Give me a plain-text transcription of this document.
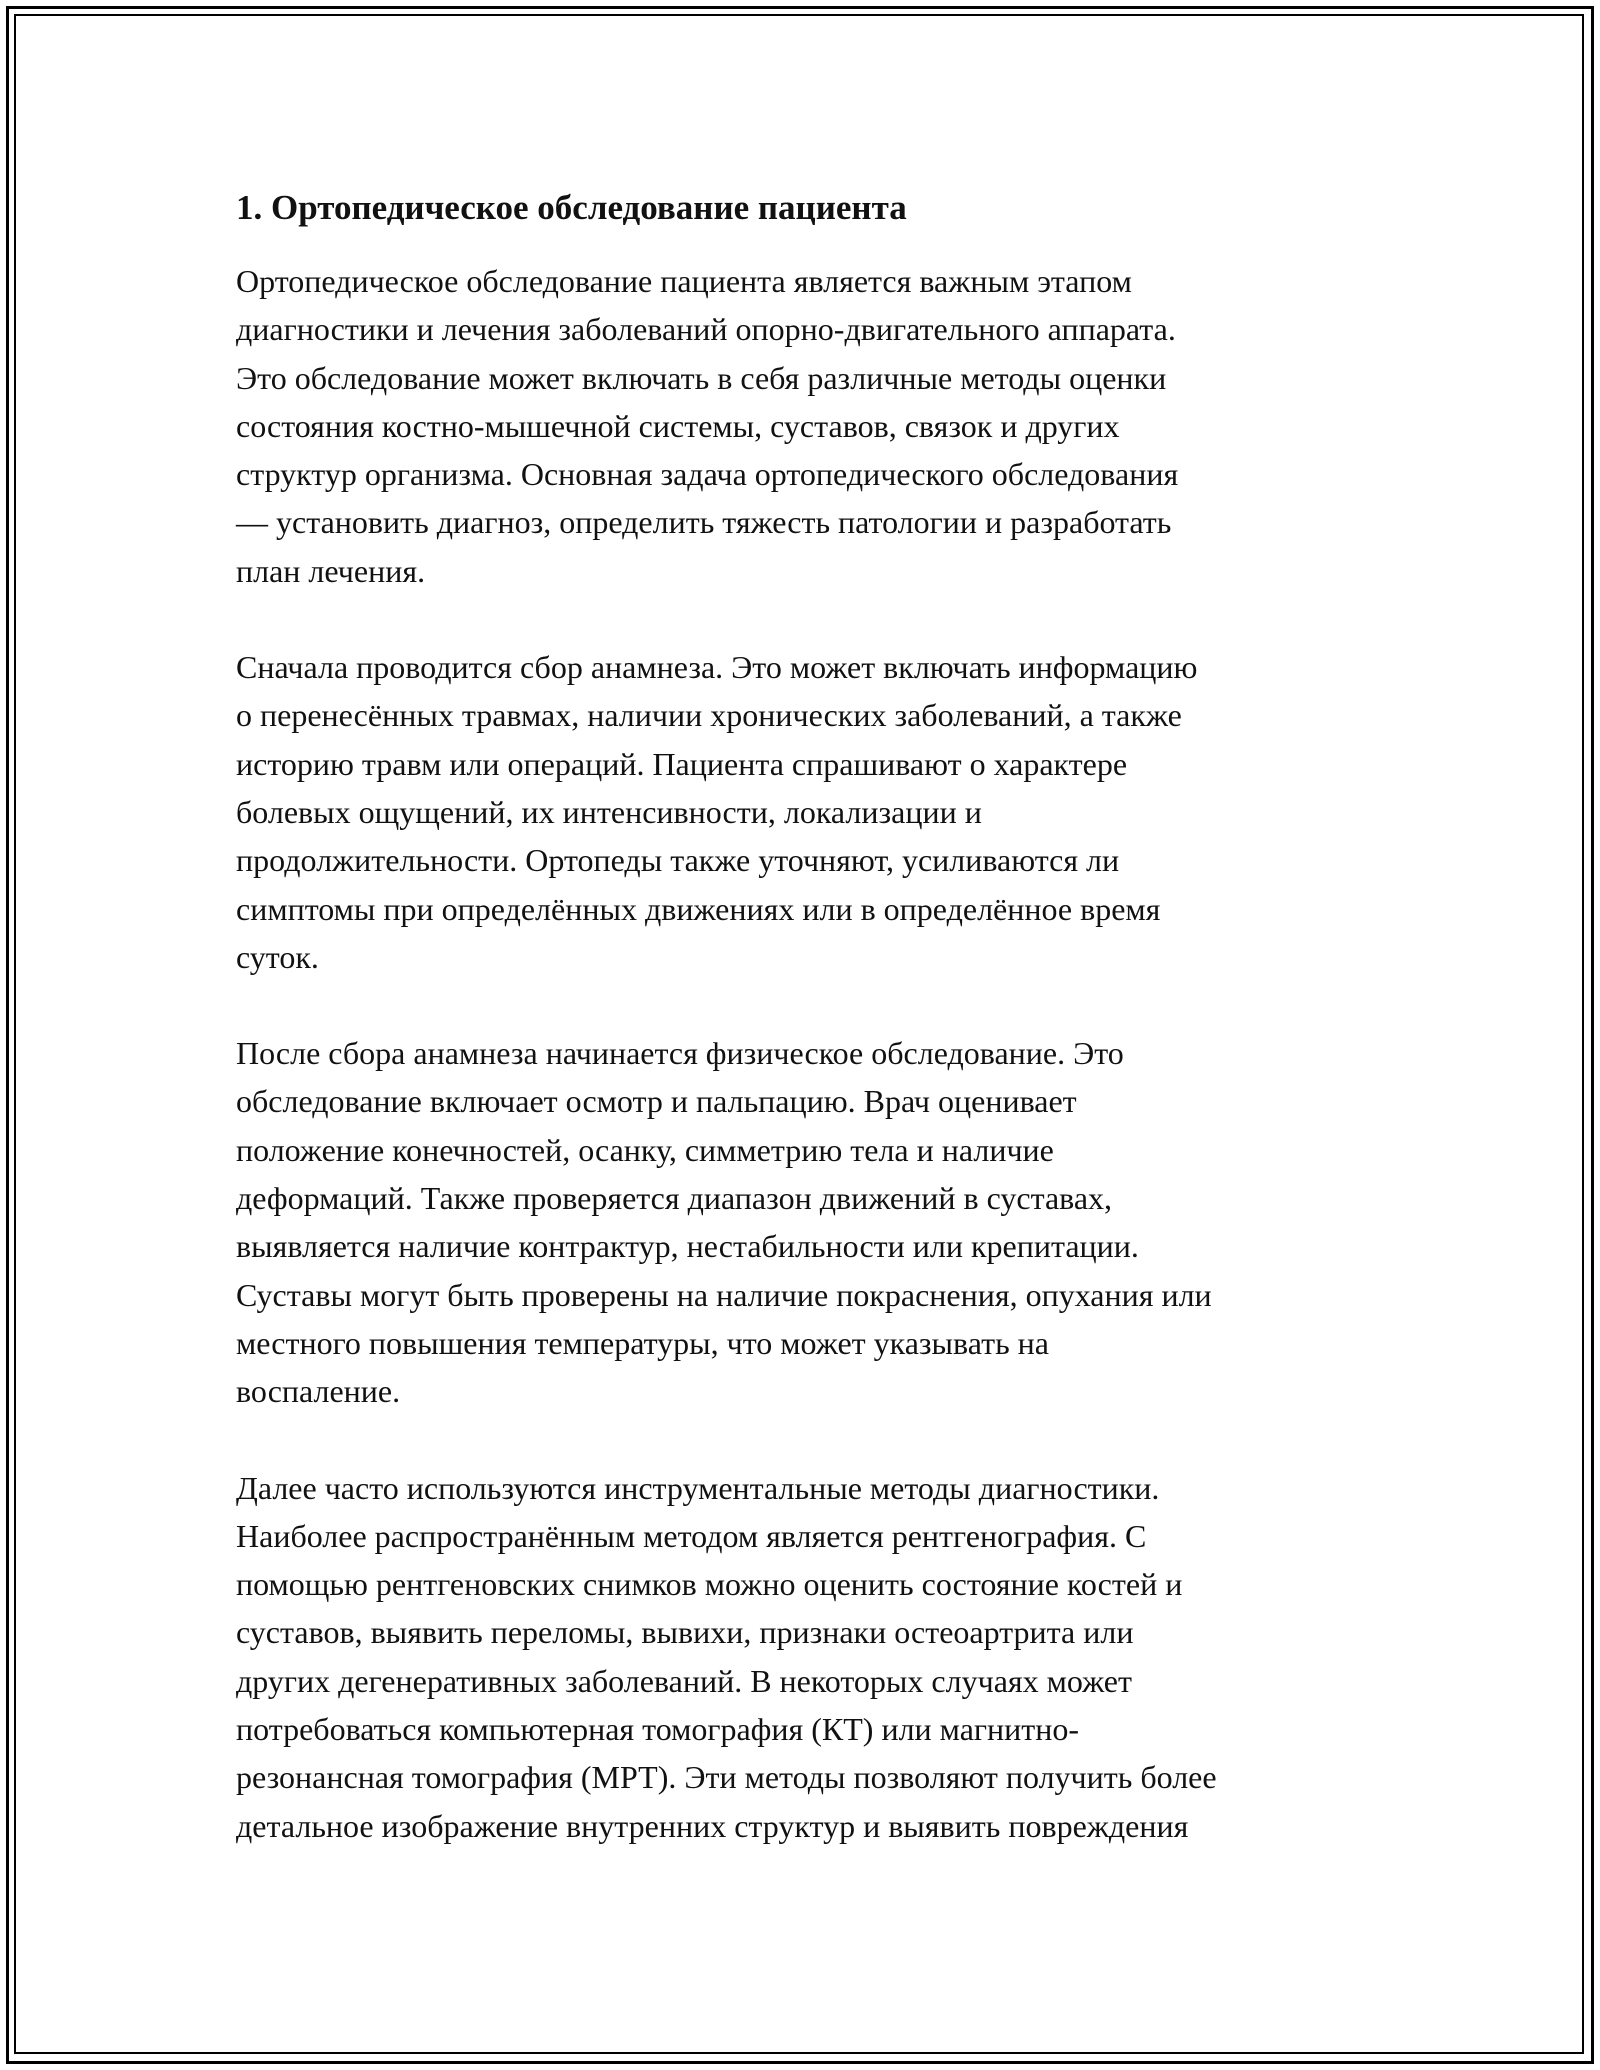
1. Ортопедическое обследование пациента
Ортопедическое обследование пациента является важным этапом
диагностики и лечения заболеваний опорно-двигательного аппарата.
Это обследование может включать в себя различные методы оценки
состояния костно-мышечной системы, суставов, связок и других
структур организма. Основная задача ортопедического обследования
— установить диагноз, определить тяжесть патологии и разработать
план лечения.
Сначала проводится сбор анамнеза. Это может включать информацию
о перенесённых травмах, наличии хронических заболеваний, а также
историю травм или операций. Пациента спрашивают о характере
болевых ощущений, их интенсивности, локализации и
продолжительности. Ортопеды также уточняют, усиливаются ли
симптомы при определённых движениях или в определённое время
суток.
После сбора анамнеза начинается физическое обследование. Это
обследование включает осмотр и пальпацию. Врач оценивает
положение конечностей, осанку, симметрию тела и наличие
деформаций. Также проверяется диапазон движений в суставах,
выявляется наличие контрактур, нестабильности или крепитации.
Суставы могут быть проверены на наличие покраснения, опухания или
местного повышения температуры, что может указывать на
воспаление.
Далее часто используются инструментальные методы диагностики.
Наиболее распространённым методом является рентгенография. С
помощью рентгеновских снимков можно оценить состояние костей и
суставов, выявить переломы, вывихи, признаки остеоартрита или
других дегенеративных заболеваний. В некоторых случаях может
потребоваться компьютерная томография (КТ) или магнитно-
резонансная томография (МРТ). Эти методы позволяют получить более
детальное изображение внутренних структур и выявить повреждения
